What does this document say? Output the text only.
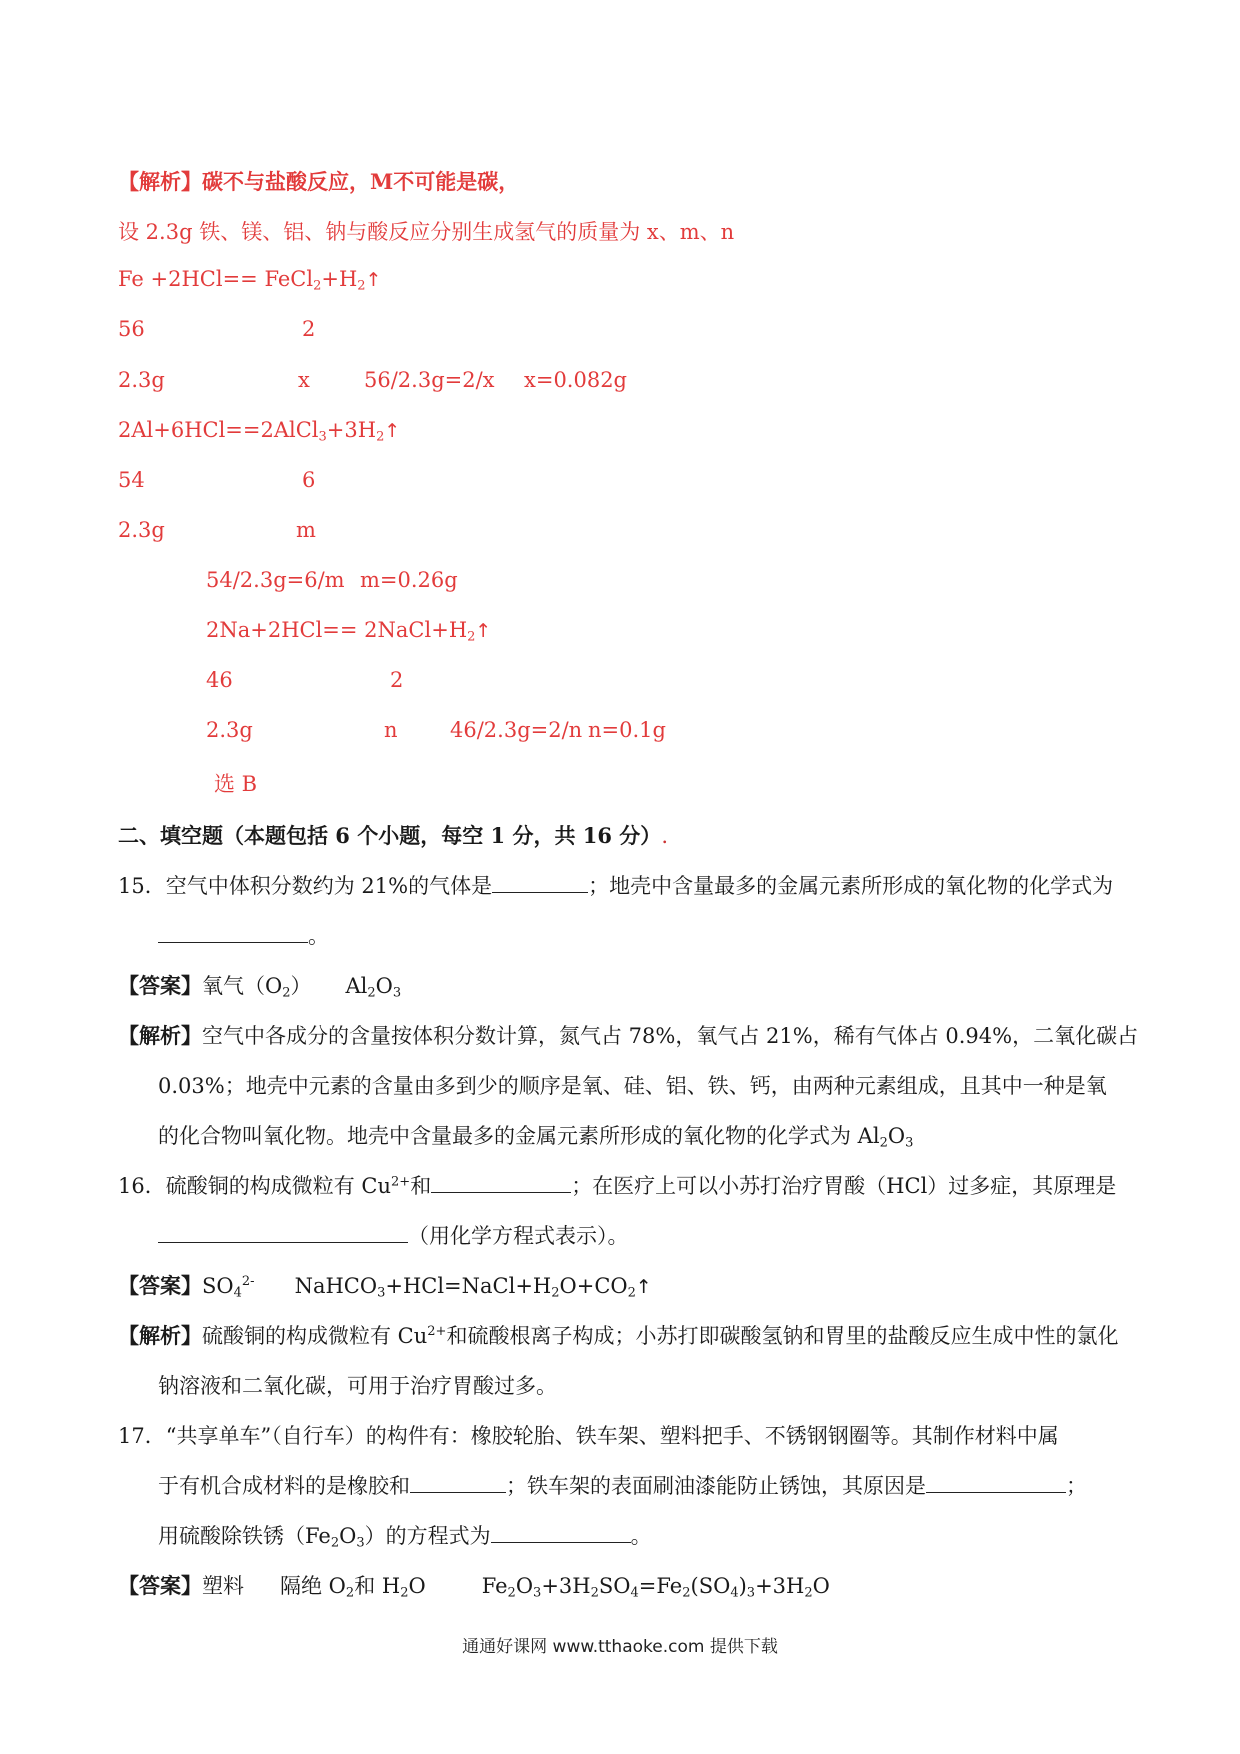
【解析】碳不与盐酸反应，M不可能是碳，
设 2.3g 铁、镁、铝、钠与酸反应分别生成氢气的质量为 x、m、n
$Fe +2HCl== FeCl_2+H_2↑$
56	2
2.3g	x	56/2.3g=2/x x=0.082g
$2Al+6HCl==2AlCl_3+3H_2↑$
54	6
2.3g	m
54/2.3g=6/m m=0.26g
$2Na+2HCl== 2NaCl+H_2↑$
46	2
2.3g	n 46/2.3g=2/n n=0.1g
选 B
二、填空题（本题包括 6 个小题，每空 1 分，共 16 分）.
15．空气中体积分数约为 21%的气体是	；地壳中含量最多的金属元素所形成的氧化物的化学式为
。
【答案】氧气$(O_2)$ $Al_2O_3$
【解析】空气中各成分的含量按体积分数计算，氮气占 78%，氧气占 21%，稀有气体占 0.94%，二氧化碳占
0.03%；地壳中元素的含量由多到少的顺序是氧、硅、铝、铁、钙，由两种元素组成，且其中一种是氧
的化合物叫氧化物。地壳中含量最多的金属元素所形成的氧化物的化学式为 $Al_2O_3$
16．硫酸铜的构成微粒有 $Cu^{2+}$和	；在医疗上可以小苏打治疗胃酸（HCl）过多症，其原理是
（用化学方程式表示）。
【答案】$SO_4^{2-}$ $NaHCO_3+HCl=NaCl+H_2O+CO_2↑$
【解析】硫酸铜的构成微粒有 $Cu^{2+}$和硫酸根离子构成；小苏打即碳酸氢钠和胃里的盐酸反应生成中性的氯化
钠溶液和二氧化碳，可用于治疗胃酸过多。
17．“共享单车”（自行车）的构件有：橡胶轮胎、铁车架、塑料把手、不锈钢钢圈等。其制作材料中属
于有机合成材料的是橡胶和	；铁车架的表面刷油漆能防止锈蚀，其原因是	；
用硫酸除铁锈$(Fe_2O_3)$的方程式为	。
【答案】塑料 隔绝 $O_2$和 $H_2O$	$Fe_2O_3+3H_2SO_4=Fe_2(SO_4)_3+3H_2O$
通通好课网 www.tthaoke.com 提供下载
